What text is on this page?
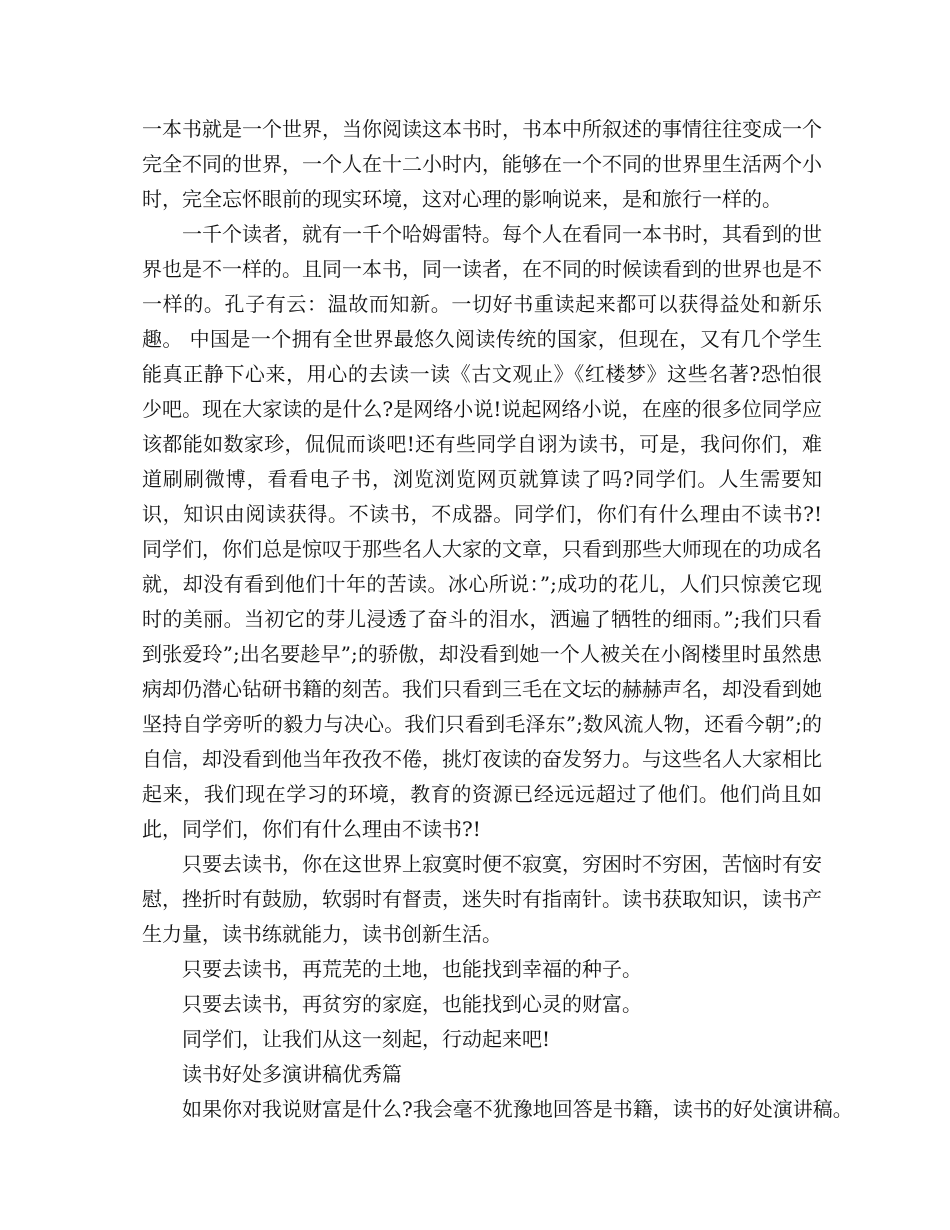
一本书就是一个世界，当你阅读这本书时，书本中所叙述的事情往往变成一个完全不同的世界，一个人在十二小时内，能够在一个不同的世界里生活两个小时，完全忘怀眼前的现实环境，这对心理的影响说来，是和旅行一样的。

一千个读者，就有一千个哈姆雷特。每个人在看同一本书时，其看到的世界也是不一样的。且同一本书，同一读者，在不同的时候读看到的世界也是不一样的。孔子有云：温故而知新。一切好书重读起来都可以获得益处和新乐趣。 中国是一个拥有全世界最悠久阅读传统的国家，但现在，又有几个学生能真正静下心来，用心的去读一读《古文观止》《红楼梦》这些名著?恐怕很少吧。现在大家读的是什么?是网络小说!说起网络小说，在座的很多位同学应该都能如数家珍，侃侃而谈吧!还有些同学自诩为读书，可是，我问你们，难道刷刷微博，看看电子书，浏览浏览网页就算读了吗?同学们。人生需要知识，知识由阅读获得。不读书，不成器。同学们，你们有什么理由不读书?! 同学们，你们总是惊叹于那些名人大家的文章，只看到那些大师现在的功成名就，却没有看到他们十年的苦读。冰心所说：”;成功的花儿，人们只惊羡它现时的美丽。当初它的芽儿浸透了奋斗的泪水，洒遍了牺牲的细雨。”;我们只看到张爱玲”;出名要趁早”;的骄傲，却没看到她一个人被关在小阁楼里时虽然患病却仍潜心钻研书籍的刻苦。我们只看到三毛在文坛的赫赫声名，却没看到她坚持自学旁听的毅力与决心。我们只看到毛泽东”;数风流人物，还看今朝”;的自信，却没看到他当年孜孜不倦，挑灯夜读的奋发努力。与这些名人大家相比起来，我们现在学习的环境，教育的资源已经远远超过了他们。他们尚且如此，同学们，你们有什么理由不读书?!

只要去读书，你在这世界上寂寞时便不寂寞，穷困时不穷困，苦恼时有安慰，挫折时有鼓励，软弱时有督责，迷失时有指南针。读书获取知识，读书产生力量，读书练就能力，读书创新生活。

只要去读书，再荒芜的土地，也能找到幸福的种子。

只要去读书，再贫穷的家庭，也能找到心灵的财富。

同学们，让我们从这一刻起，行动起来吧!

读书好处多演讲稿优秀篇

如果你对我说财富是什么?我会毫不犹豫地回答是书籍，读书的好处演讲稿。
